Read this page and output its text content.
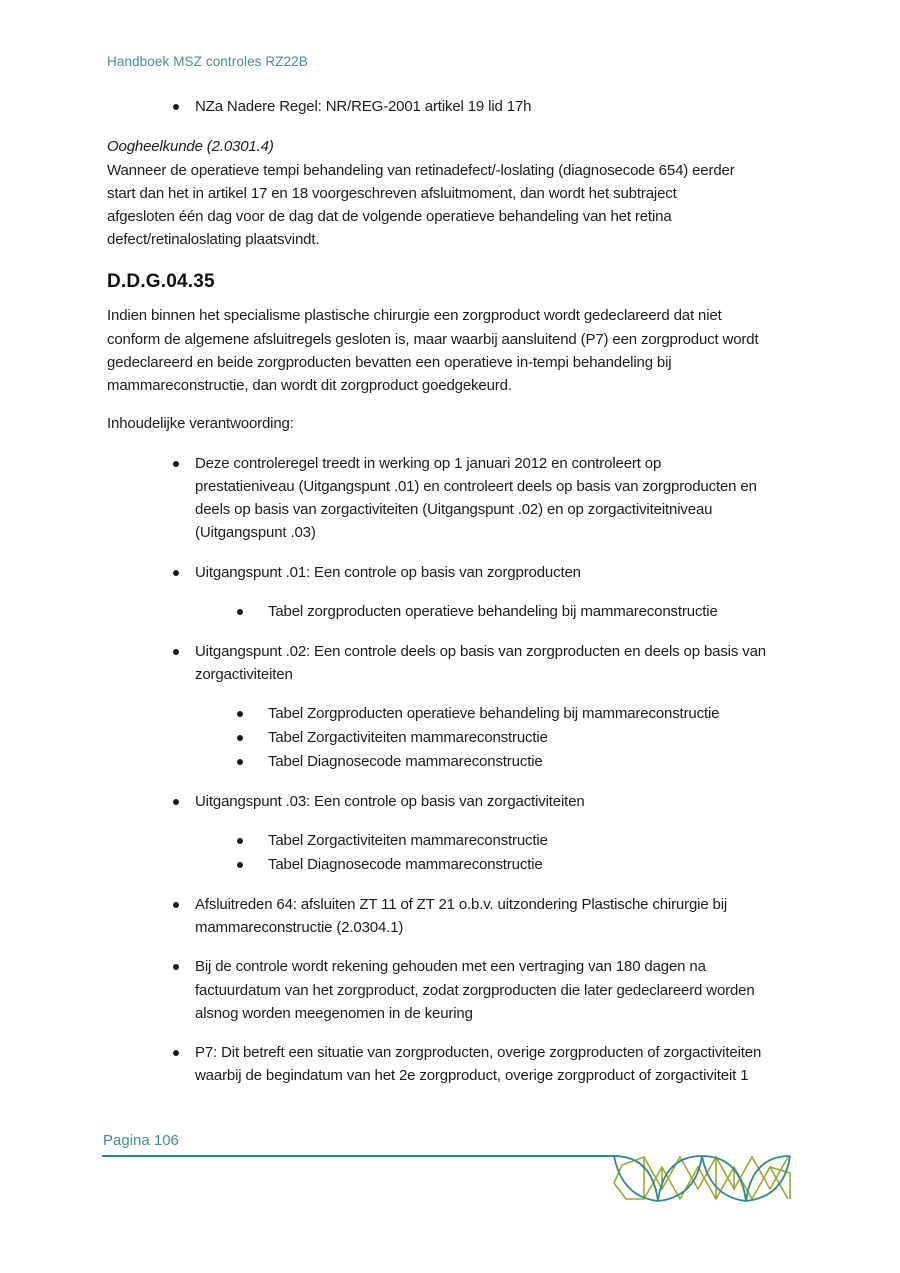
Handboek MSZ controles RZ22B
NZa Nadere Regel: NR/REG-2001 artikel 19 lid 17h
Oogheelkunde (2.0301.4)
Wanneer de operatieve tempi behandeling van retinadefect/-loslating (diagnosecode 654) eerder
start dan het in artikel 17 en 18 voorgeschreven afsluitmoment, dan wordt het subtraject
afgesloten één dag voor de dag dat de volgende operatieve behandeling van het retina
defect/retinaloslating plaatsvindt.
D.D.G.04.35
Indien binnen het specialisme plastische chirurgie een zorgproduct wordt gedeclareerd dat niet
conform de algemene afsluitregels gesloten is, maar waarbij aansluitend (P7) een zorgproduct wordt
gedeclareerd en beide zorgproducten bevatten een operatieve in-tempi behandeling bij
mammareconstructie, dan wordt dit zorgproduct goedgekeurd.
Inhoudelijke verantwoording:
Deze controleregel treedt in werking op 1 januari 2012 en controleert op
prestatieniveau (Uitgangspunt .01) en controleert deels op basis van zorgproducten en
deels op basis van zorgactiviteiten (Uitgangspunt .02) en op zorgactiviteitniveau
(Uitgangspunt .03)
Uitgangspunt .01: Een controle op basis van zorgproducten
Tabel zorgproducten operatieve behandeling bij mammareconstructie
Uitgangspunt .02: Een controle deels op basis van zorgproducten en deels op basis van
zorgactiviteiten
Tabel Zorgproducten operatieve behandeling bij mammareconstructie
Tabel Zorgactiviteiten mammareconstructie
Tabel Diagnosecode mammareconstructie
Uitgangspunt .03: Een controle op basis van zorgactiviteiten
Tabel Zorgactiviteiten mammareconstructie
Tabel Diagnosecode mammareconstructie
Afsluitreden 64: afsluiten ZT 11 of ZT 21 o.b.v. uitzondering Plastische chirurgie bij
mammareconstructie (2.0304.1)
Bij de controle wordt rekening gehouden met een vertraging van 180 dagen na
factuurdatum van het zorgproduct, zodat zorgproducten die later gedeclareerd worden
alsnog worden meegenomen in de keuring
P7: Dit betreft een situatie van zorgproducten, overige zorgproducten of zorgactiviteiten
waarbij de begindatum van het 2e zorgproduct, overige zorgproduct of zorgactiviteit 1
Pagina 106
